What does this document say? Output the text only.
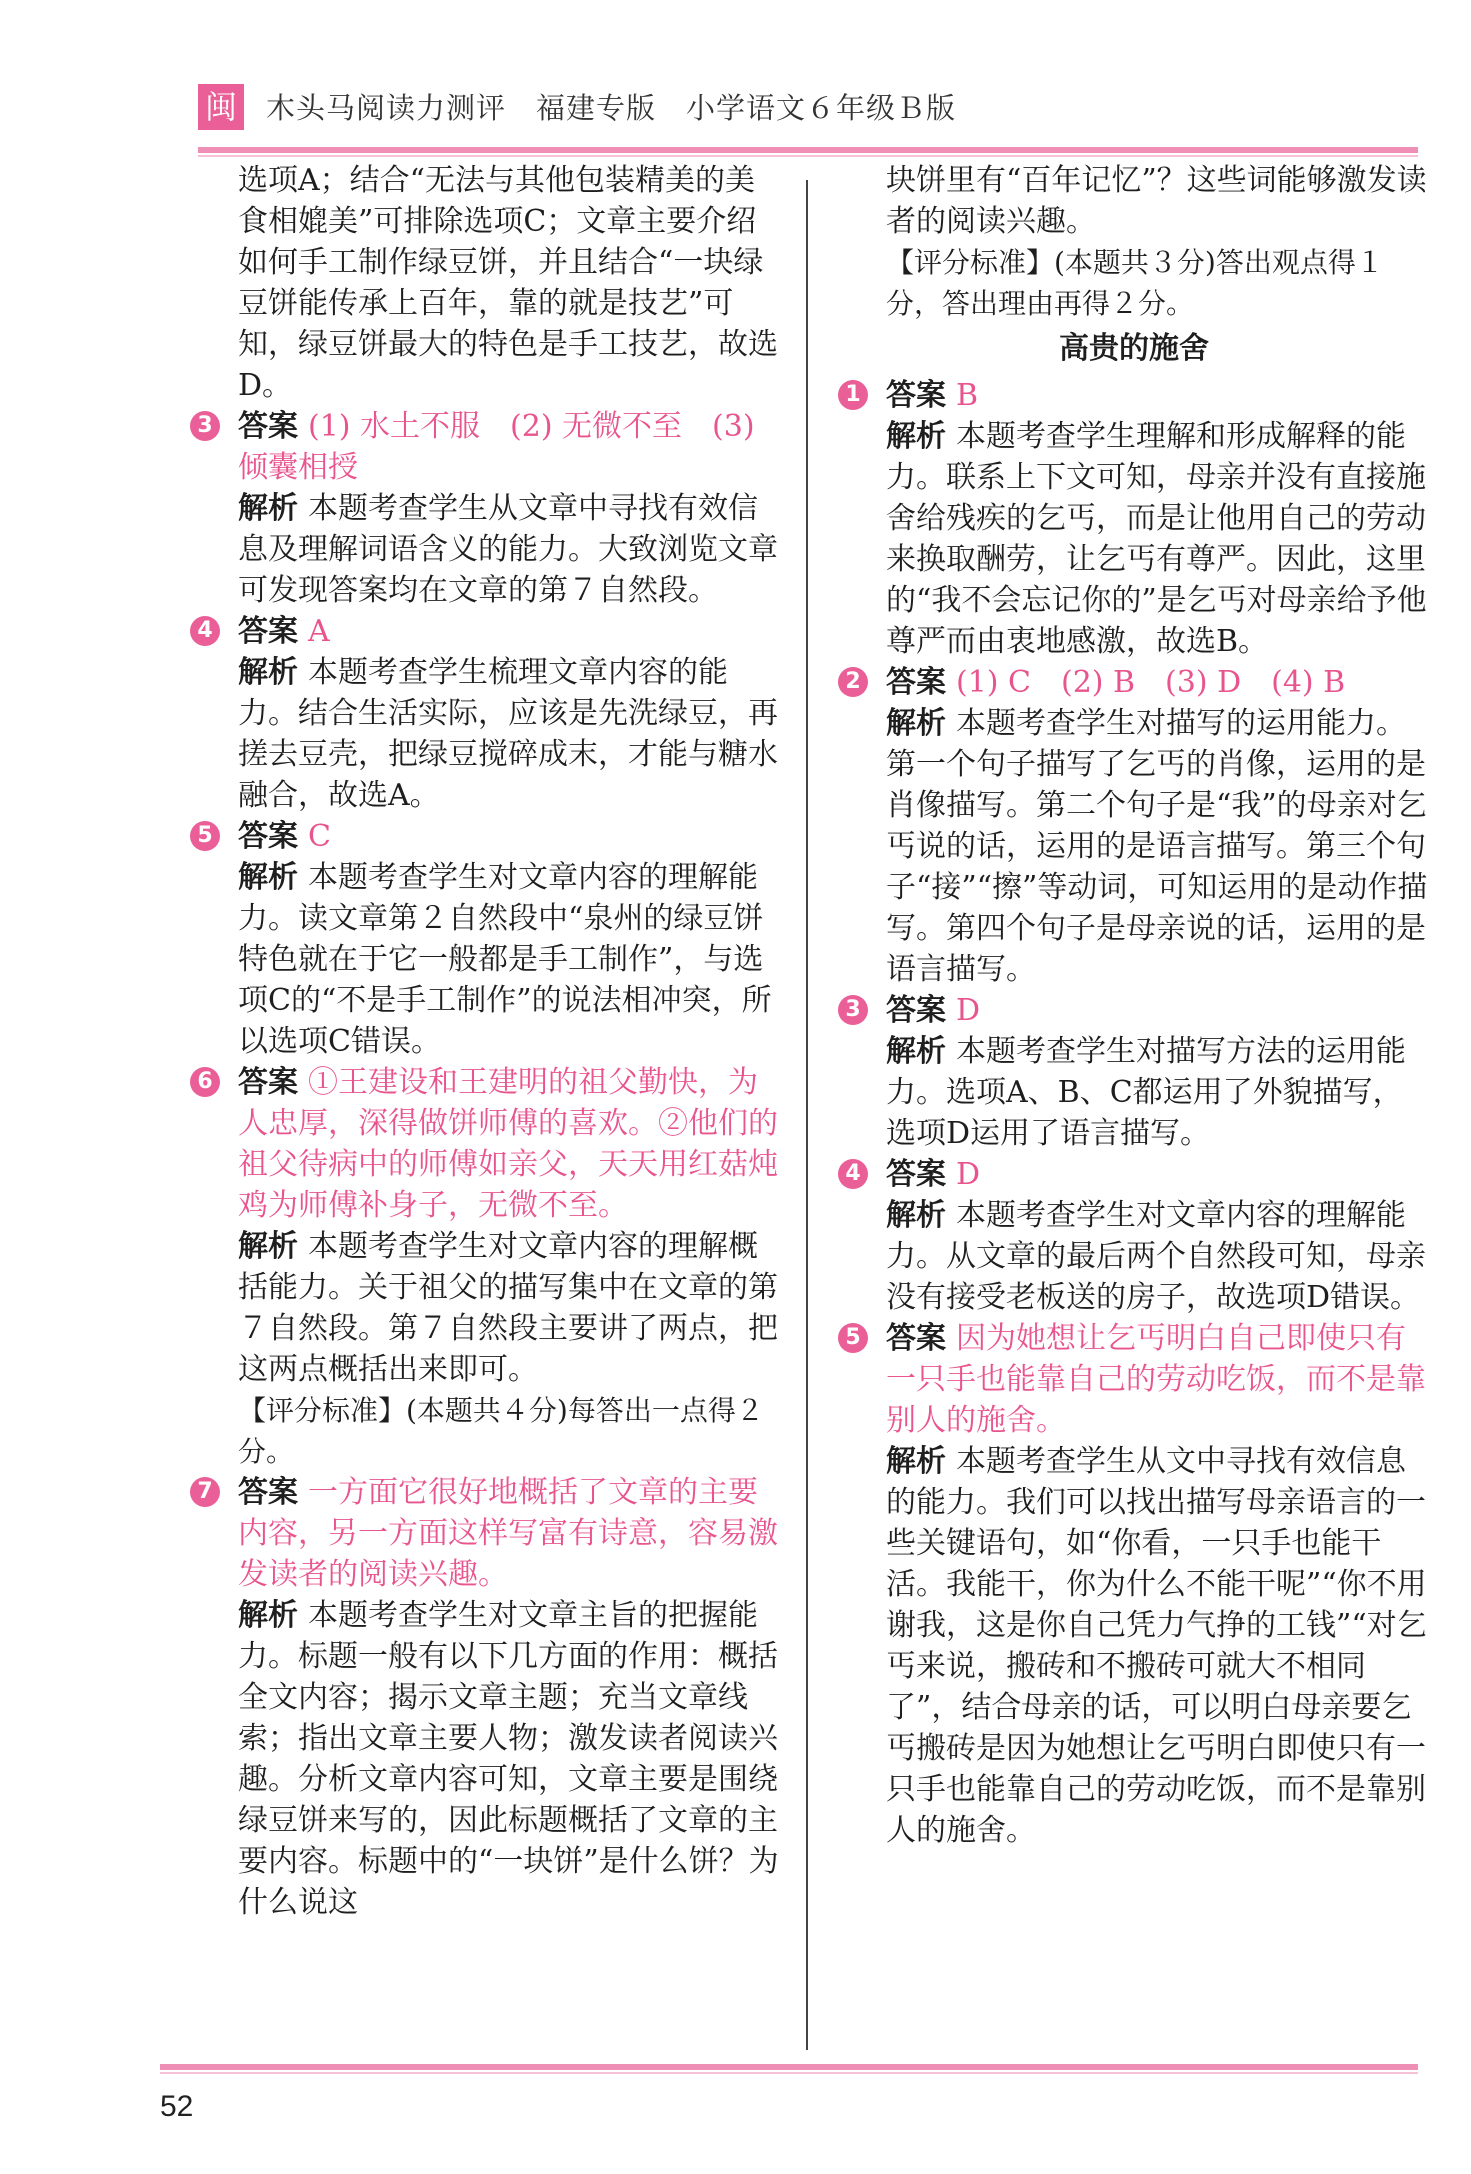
闽 木头马阅读力测评　福建专版　小学语文６年级Ｂ版

选项A；结合“无法与其他包装精美的美食相媲美”可排除选项C；文章主要介绍如何手工制作绿豆饼，并且结合“一块绿豆饼能传承上百年，靠的就是技艺”可知，绿豆饼最大的特色是手工技艺，故选D。

3 答案 (1) 水土不服　(2) 无微不至　(3) 倾囊相授

解析 本题考查学生从文章中寻找有效信息及理解词语含义的能力。大致浏览文章可发现答案均在文章的第７自然段。

4 答案 A

解析 本题考查学生梳理文章内容的能力。结合生活实际，应该是先洗绿豆，再搓去豆壳，把绿豆搅碎成末，才能与糖水融合，故选A。

5 答案 C

解析 本题考查学生对文章内容的理解能力。读文章第２自然段中“泉州的绿豆饼特色就在于它一般都是手工制作”，与选项C的“不是手工制作”的说法相冲突，所以选项C错误。

6 答案 ①王建设和王建明的祖父勤快，为人忠厚，深得做饼师傅的喜欢。②他们的祖父待病中的师傅如亲父，天天用红菇炖鸡为师傅补身子，无微不至。

解析 本题考查学生对文章内容的理解概括能力。关于祖父的描写集中在文章的第７自然段。第７自然段主要讲了两点，把这两点概括出来即可。

【评分标准】(本题共４分)每答出一点得２分。

7 答案 一方面它很好地概括了文章的主要内容，另一方面这样写富有诗意，容易激发读者的阅读兴趣。

解析 本题考查学生对文章主旨的把握能力。标题一般有以下几方面的作用：概括全文内容；揭示文章主题；充当文章线索；指出文章主要人物；激发读者阅读兴趣。分析文章内容可知，文章主要是围绕绿豆饼来写的，因此标题概括了文章的主要内容。标题中的“一块饼”是什么饼？为什么说这

块饼里有“百年记忆”？这些词能够激发读者的阅读兴趣。

【评分标准】(本题共３分)答出观点得１分，答出理由再得２分。

高贵的施舍

1 答案 B

解析 本题考查学生理解和形成解释的能力。联系上下文可知，母亲并没有直接施舍给残疾的乞丐，而是让他用自己的劳动来换取酬劳，让乞丐有尊严。因此，这里的“我不会忘记你的”是乞丐对母亲给予他尊严而由衷地感激，故选B。

2 答案 (1) C　(2) B　(3) D　(4) B

解析 本题考查学生对描写的运用能力。第一个句子描写了乞丐的肖像，运用的是肖像描写。第二个句子是“我”的母亲对乞丐说的话，运用的是语言描写。第三个句子“接”“擦”等动词，可知运用的是动作描写。第四个句子是母亲说的话，运用的是语言描写。

3 答案 D

解析 本题考查学生对描写方法的运用能力。选项A、B、C都运用了外貌描写，选项D运用了语言描写。

4 答案 D

解析 本题考查学生对文章内容的理解能力。从文章的最后两个自然段可知，母亲没有接受老板送的房子，故选项D错误。

5 答案 因为她想让乞丐明白自己即使只有一只手也能靠自己的劳动吃饭，而不是靠别人的施舍。

解析 本题考查学生从文中寻找有效信息的能力。我们可以找出描写母亲语言的一些关键语句，如“你看，一只手也能干活。我能干，你为什么不能干呢”“你不用谢我，这是你自己凭力气挣的工钱”“对乞丐来说，搬砖和不搬砖可就大不相同了”，结合母亲的话，可以明白母亲要乞丐搬砖是因为她想让乞丐明白即使只有一只手也能靠自己的劳动吃饭，而不是靠别人的施舍。

52
